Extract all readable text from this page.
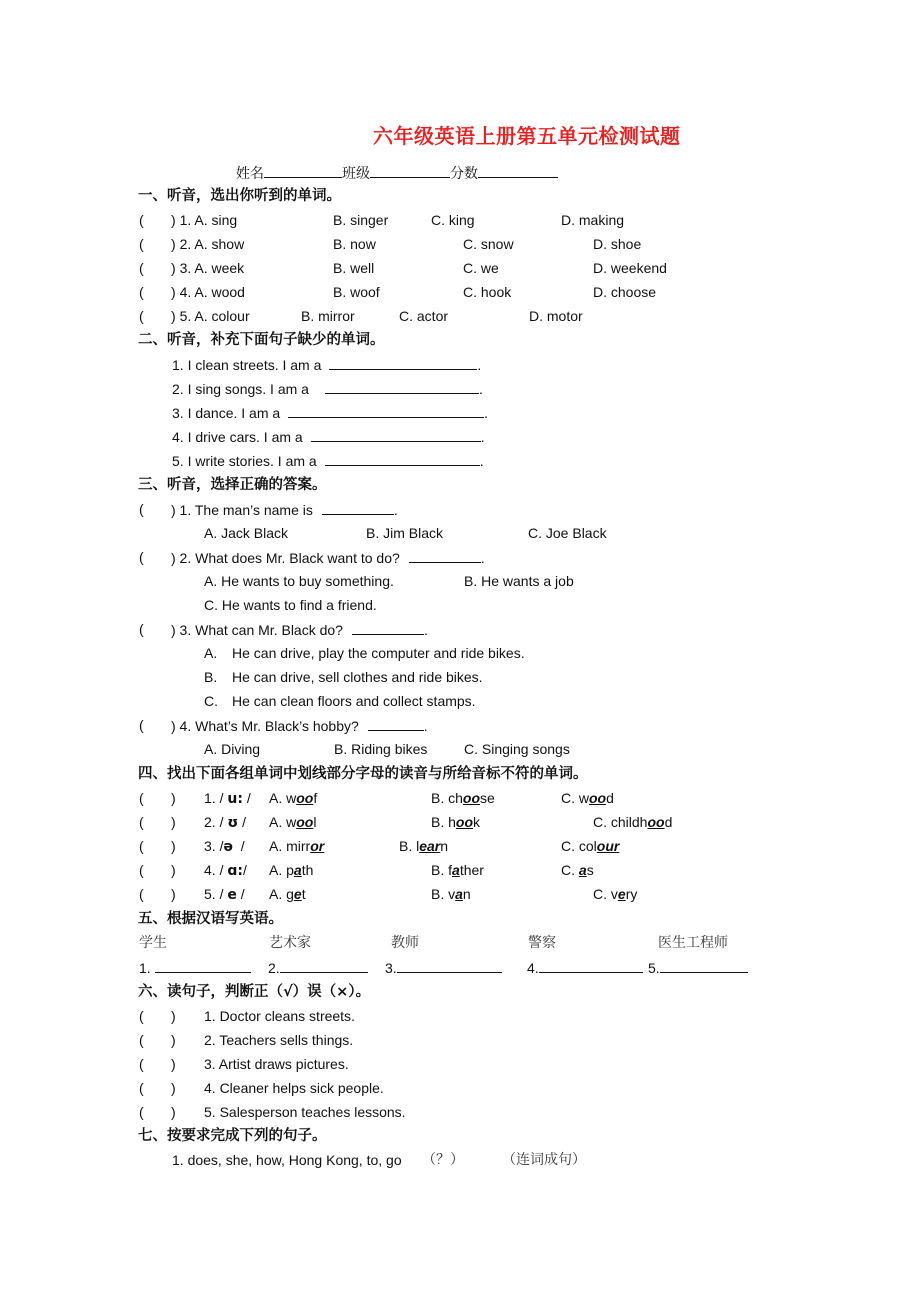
六年级英语上册第五单元检测试题
姓名	班级	分数
一、听音，选出你听到的单词。
( ) 1. A. sing	B. singer	C. king	D. making
( ) 2. A. show	B. now	C. snow	D. shoe
( ) 3. A. week	B. well	C. we	D. weekend
( ) 4. A. wood	B. woof	C. hook	D. choose
( ) 5. A. colour	B. mirror	C. actor	D. motor
二、听音，补充下面句子缺少的单词。
1. I clean streets. I am a	.
2. I sing songs. I am a	.
3. I dance. I am a	.
4. I drive cars. I am a	.
5. I write stories. I am a	.
三、听音，选择正确的答案。
( ) 1. The man’s name is	.
A. Jack Black	B. Jim Black	C. Joe Black
( ) 2. What does Mr. Black want to do?	.
A. He wants to buy something.	B. He wants a job
C. He wants to find a friend.
( ) 3. What can Mr. Black do?	.
A. He can drive, play the computer and ride bikes.
B. He can drive, sell clothes and ride bikes.
C. He can clean floors and collect stamps.
( ) 4. What’s Mr. Black’s hobby?	.
A. Diving	B. Riding bikes	C. Singing songs
四、找出下面各组单词中划线部分字母的读音与所给音标不符的单词。
( ) 1. / u: / A. woof	B. choose	C. wood
( ) 2. / ʊ / A. wool	B. hook	C. childhood
( ) 3. /ə / A. mirror	B. learn	C. colour
( ) 4. / ɑ:/ A. path	B. father	C. as
( ) 5. / e / A. get	B. van	C. very
五、根据汉语写英语。
学生	艺术家	教师	警察	医生工程师
1.	2.	3.	4.	5.
六、读句子，判断正（√）误（×）。
( ) 1. Doctor cleans streets.
( ) 2. Teachers sells things.
( ) 3. Artist draws pictures.
( ) 4. Cleaner helps sick people.
( ) 5. Salesperson teaches lessons.
七、按要求完成下列的句子。
1. does, she, how, Hong Kong, to, go （？）	（连词成句）
